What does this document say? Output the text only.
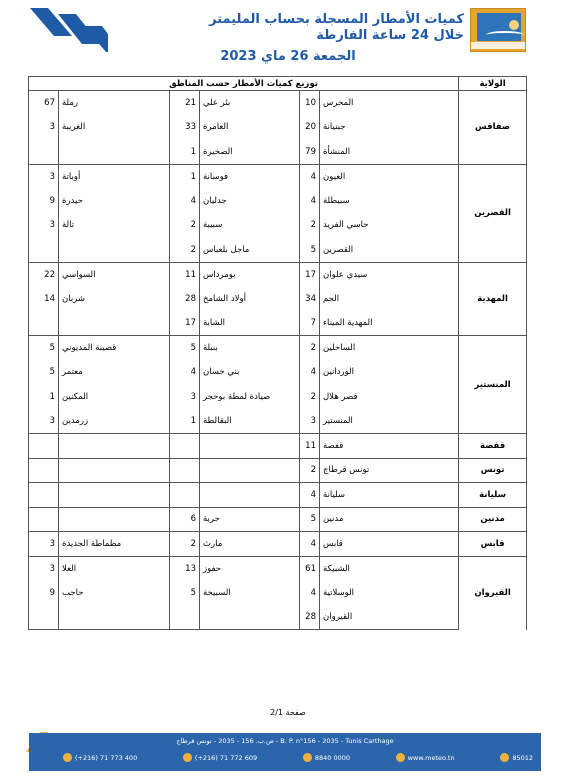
كميات الأمطار المسجلة بحساب المليمتر
خلال 24 ساعة الفارطة
الجمعة 26 ماي 2023
توزيع كميات الأمطار حسب المناطق						الولاية
67	رملة	21	بئر علي	10	المحرس	صفاقس
3	الغريبة	33	العامرة	20	جبنيانة	
		1	الصخيرة	79	المنشأة	
3	أوباتة	1	فوسانة	4	العيون	القصرين
9	حيدرة	4	جدليان	4	سبيطلة	
3	تالة	2	سبيبة	2	حاسي الفريد	
		2	ماجل بلعباس	5	القصرين	
22	السواسي	11	بومرداس	17	سيدي علوان	المهدية
14	شربان	28	أولاد الشامخ	34	الجم	
		17	الشابة	7	المهدية الميناء	
5	قصيبة المديوني	5	بنبلة	2	الساحلين	المنستير
5	معتمر	4	بني حسان	4	الوردانين	
1	المكنين	3	صيادة لمطة بوحجر	2	قصر هلال	
3	زرمدين	1	البقالطة	3	المنستير	
				11	قفصة	قفصة
				2	تونس قرطاج	تونس
				4	سليانة	سليانة
		6	جربة	5	مدنين	مدنين
3	مطماطة الجديدة	2	مارث	4	قابس	قابس
3	العلا	13	حفوز	61	الشبيكة	القيروان
9	حاجب	5	السبيخة	4	الوسلاتية	
				28	القيروان	
صفحة 2/1
ص.ب. 156 - 2035 - تونس قرطاج - B. P. n°156 - 2035 - Tunis Carthage
(+216) 71 773 400	(+216) 71 772 609	8840 0000	www.meteo.tn	85012
